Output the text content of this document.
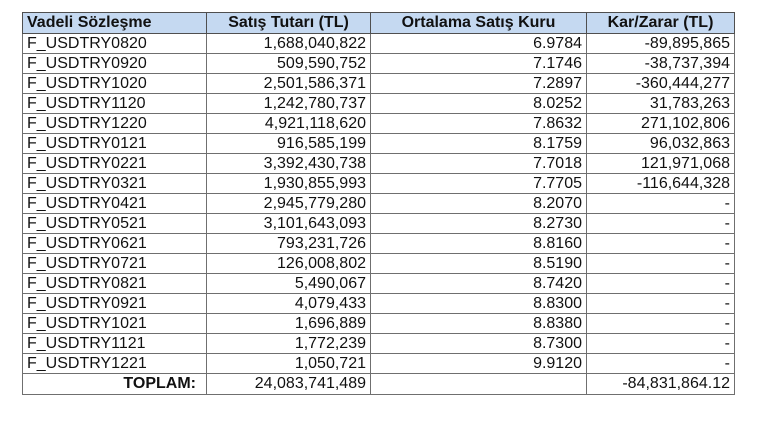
Vadeli Sözleşme	Satış Tutarı (TL)	Ortalama Satış Kuru	Kar/Zarar (TL)
F_USDTRY0820	1,688,040,822	6.9784	-89,895,865
F_USDTRY0920	509,590,752	7.1746	-38,737,394
F_USDTRY1020	2,501,586,371	7.2897	-360,444,277
F_USDTRY1120	1,242,780,737	8.0252	31,783,263
F_USDTRY1220	4,921,118,620	7.8632	271,102,806
F_USDTRY0121	916,585,199	8.1759	96,032,863
F_USDTRY0221	3,392,430,738	7.7018	121,971,068
F_USDTRY0321	1,930,855,993	7.7705	-116,644,328
F_USDTRY0421	2,945,779,280	8.2070	-
F_USDTRY0521	3,101,643,093	8.2730	-
F_USDTRY0621	793,231,726	8.8160	-
F_USDTRY0721	126,008,802	8.5190	-
F_USDTRY0821	5,490,067	8.7420	-
F_USDTRY0921	4,079,433	8.8300	-
F_USDTRY1021	1,696,889	8.8380	-
F_USDTRY1121	1,772,239	8.7300	-
F_USDTRY1221	1,050,721	9.9120	-
TOPLAM:	24,083,741,489		-84,831,864.12
